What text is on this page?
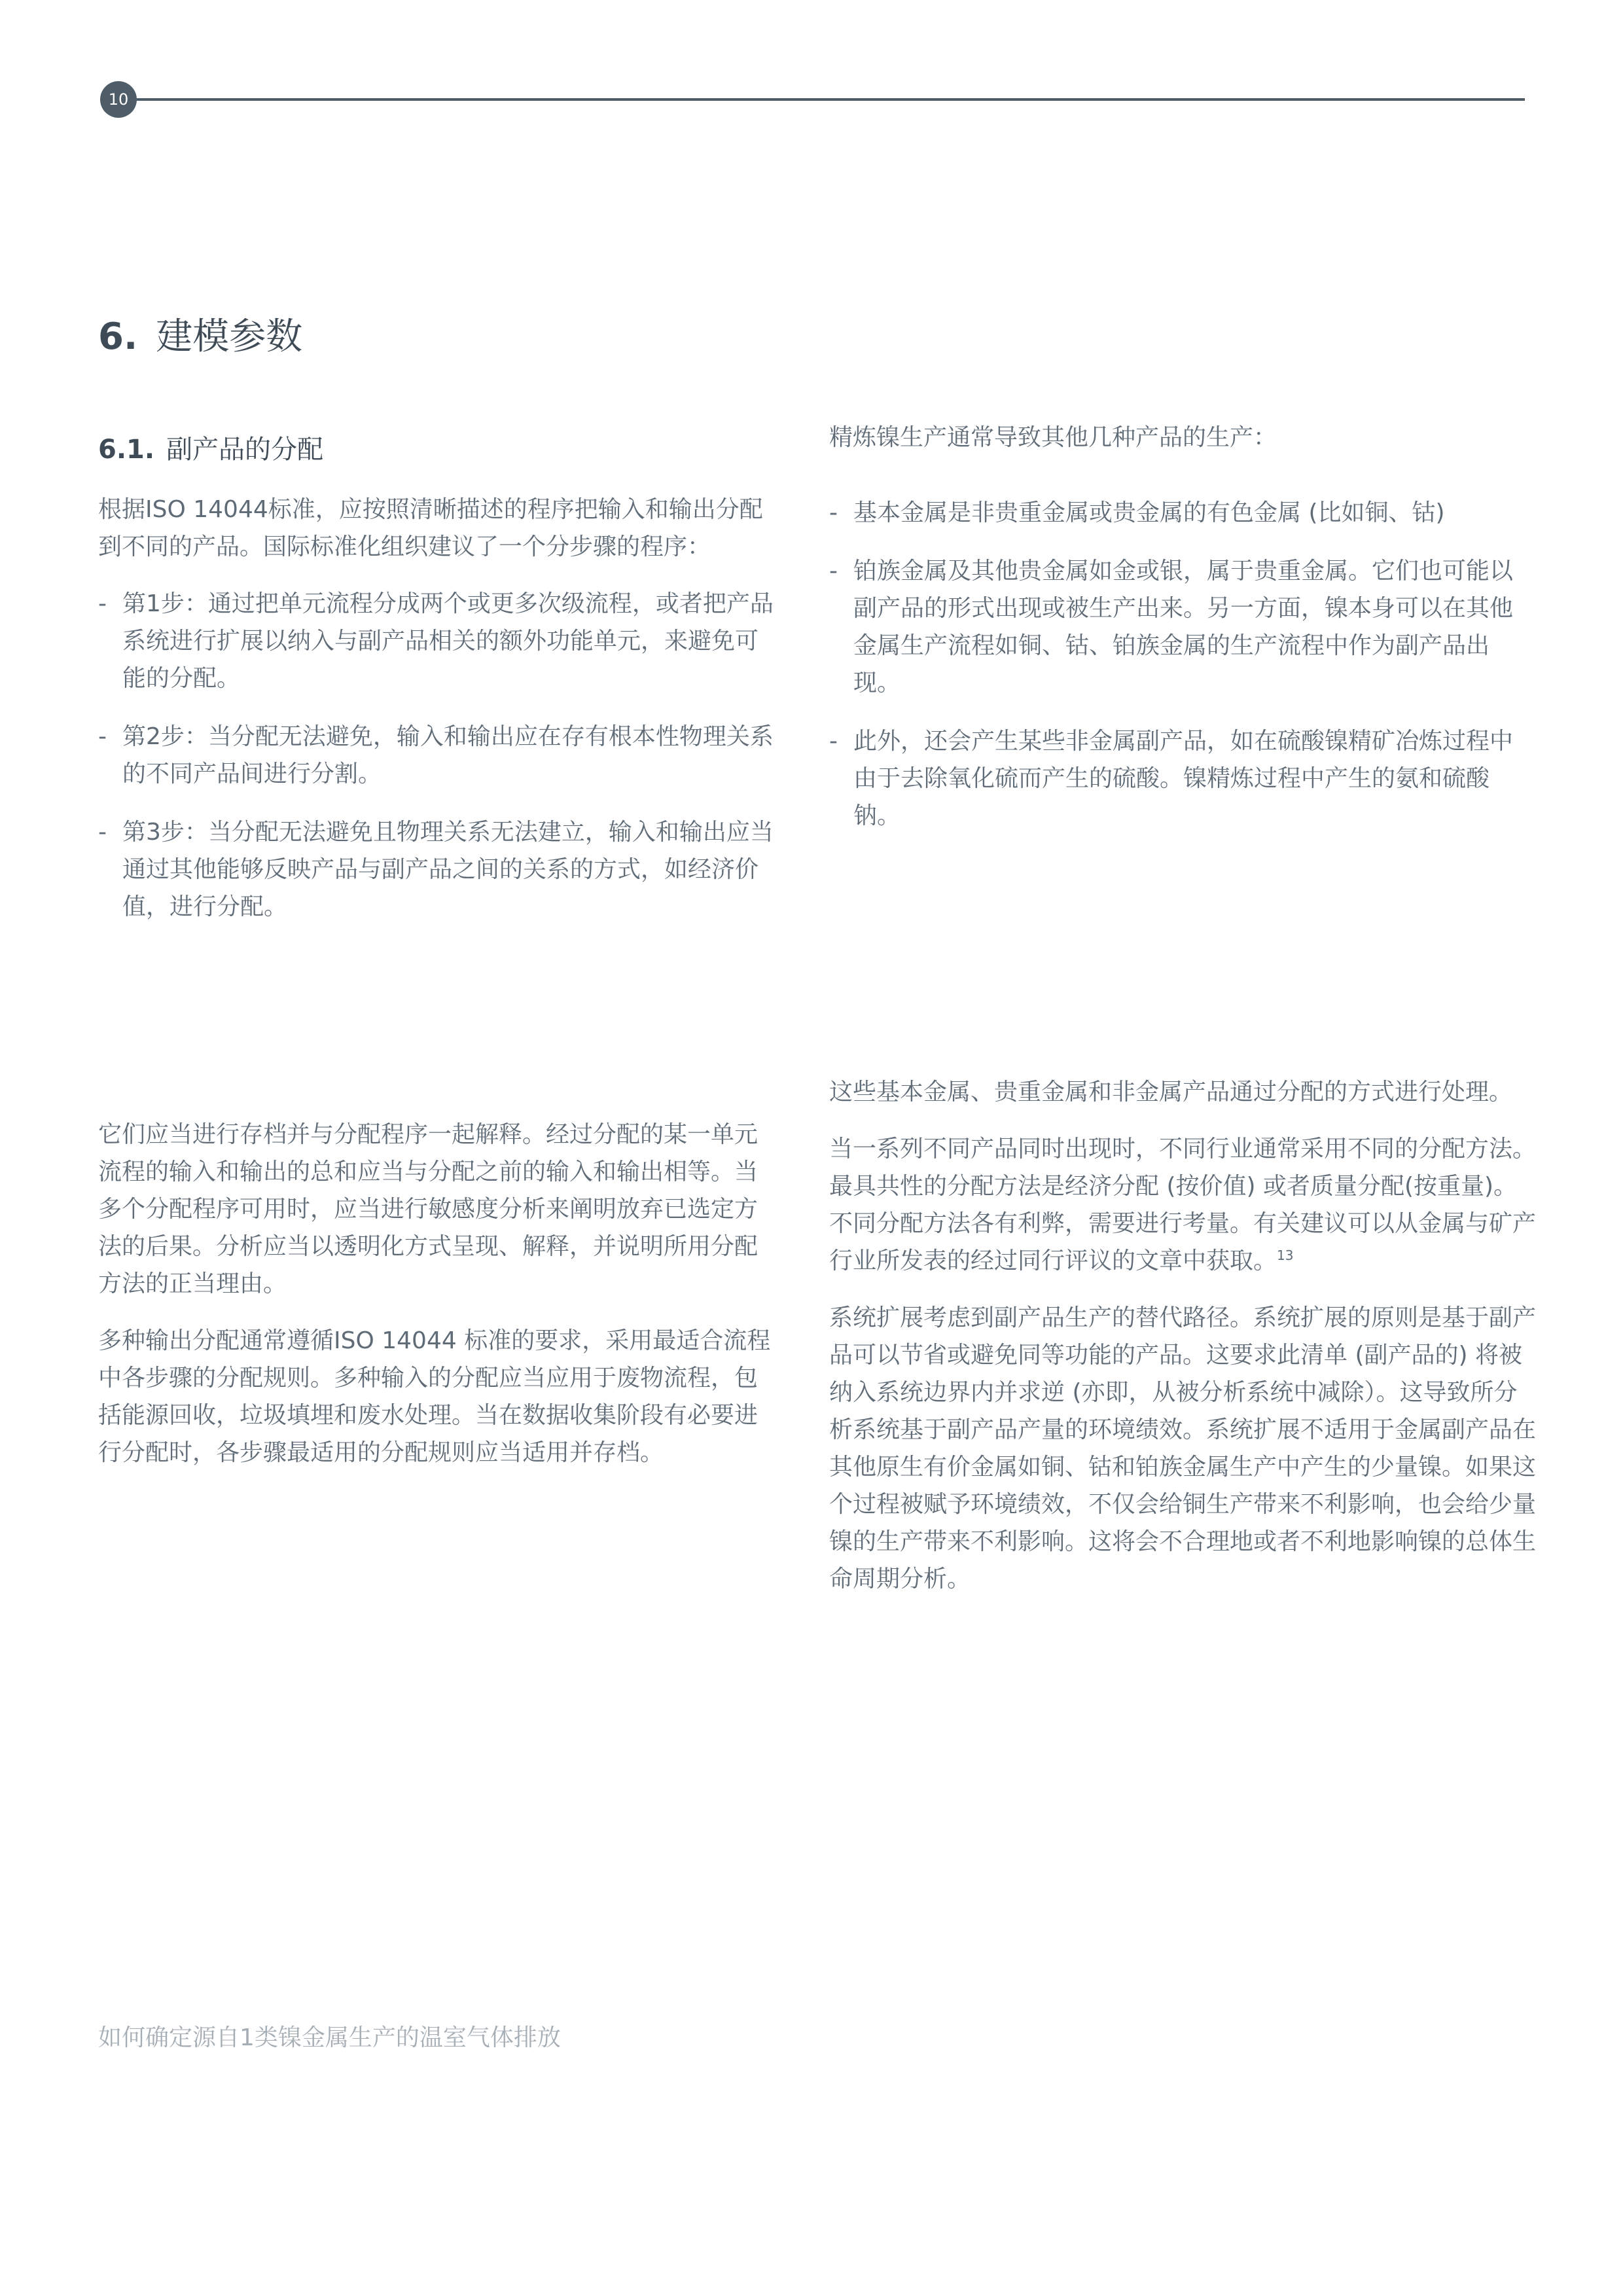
10
6. 建模参数
6.1. 副产品的分配

根据ISO 14044标准，应按照清晰描述的程序把输入和输出分配到不同的产品。国际标准化组织建议了一个分步骤的程序：

- 第1步：通过把单元流程分成两个或更多次级流程，或者把产品系统进行扩展以纳入与副产品相关的额外功能单元，来避免可能的分配。
- 第2步：当分配无法避免，输入和输出应在存有根本性物理关系的不同产品间进行分割。
- 第3步：当分配无法避免且物理关系无法建立，输入和输出应当通过其他能够反映产品与副产品之间的关系的方式，如经济价值，进行分配。

精炼镍生产通常导致其他几种产品的生产：

- 基本金属是非贵重金属或贵金属的有色金属 (比如铜、钴)
- 铂族金属及其他贵金属如金或银，属于贵重金属。它们也可能以副产品的形式出现或被生产出来。另一方面，镍本身可以在其他金属生产流程如铜、钴、铂族金属的生产流程中作为副产品出现。
- 此外，还会产生某些非金属副产品，如在硫酸镍精矿冶炼过程中由于去除氧化硫而产生的硫酸。镍精炼过程中产生的氨和硫酸钠。

它们应当进行存档并与分配程序一起解释。经过分配的某一单元流程的输入和输出的总和应当与分配之前的输入和输出相等。当多个分配程序可用时，应当进行敏感度分析来阐明放弃已选定方法的后果。分析应当以透明化方式呈现、解释，并说明所用分配方法的正当理由。

多种输出分配通常遵循ISO 14044 标准的要求，采用最适合流程中各步骤的分配规则。多种输入的分配应当应用于废物流程，包括能源回收，垃圾填埋和废水处理。当在数据收集阶段有必要进行分配时，各步骤最适用的分配规则应当适用并存档。

这些基本金属、贵重金属和非金属产品通过分配的方式进行处理。

当一系列不同产品同时出现时，不同行业通常采用不同的分配方法。最具共性的分配方法是经济分配 (按价值) 或者质量分配(按重量)。不同分配方法各有利弊，需要进行考量。有关建议可以从金属与矿产行业所发表的经过同行评议的文章中获取。$^{13}$

系统扩展考虑到副产品生产的替代路径。系统扩展的原则是基于副产品可以节省或避免同等功能的产品。这要求此清单 (副产品的) 将被纳入系统边界内并求逆 (亦即，从被分析系统中减除）。这导致所分析系统基于副产品产量的环境绩效。系统扩展不适用于金属副产品在其他原生有价金属如铜、钴和铂族金属生产中产生的少量镍。如果这个过程被赋予环境绩效，不仅会给铜生产带来不利影响，也会给少量镍的生产带来不利影响。这将会不合理地或者不利地影响镍的总体生命周期分析。

如何确定源自1类镍金属生产的温室气体排放
